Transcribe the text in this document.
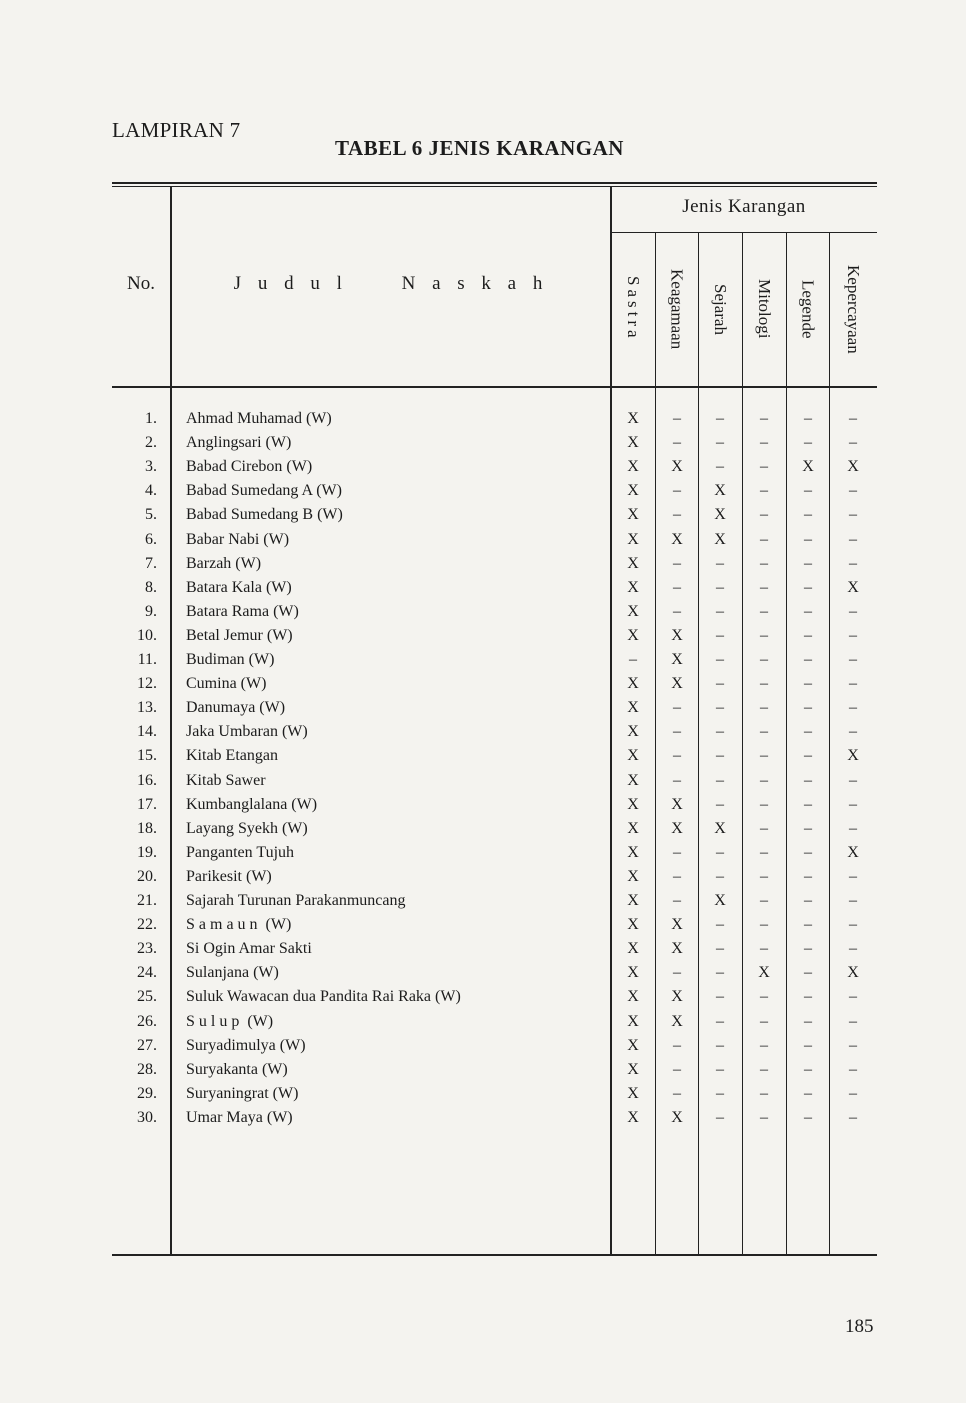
LAMPIRAN 7
TABEL 6 JENIS KARANGAN
No.	J u d u l     N a s k a h
Jenis Karangan
Sastra Keagamaan Sejarah Mitologi Legende Kepercayaan
1. Ahmad Muhamad (W)	X	–	–	–	–	–
2. Anglingsari (W)	X	–	–	–	–	–
3. Babad Cirebon (W)	X	X	–	–	X	X
4. Babad Sumedang A (W)	X	–	X	–	–	–
5. Babad Sumedang B (W)	X	–	X	–	–	–
6. Babar Nabi (W)	X	X	X	–	–	–
7. Barzah (W)	X	–	–	–	–	–
8. Batara Kala (W)	X	–	–	–	–	X
9. Batara Rama (W)	X	–	–	–	–	–
10. Betal Jemur (W)	X	X	–	–	–	–
11. Budiman (W)	–	X	–	–	–	–
12. Cumina (W)	X	X	–	–	–	–
13. Danumaya (W)	X	–	–	–	–	–
14. Jaka Umbaran (W)	X	–	–	–	–	–
15. Kitab Etangan	X	–	–	–	–	X
16. Kitab Sawer	X	–	–	–	–	–
17. Kumbanglalana (W)	X	X	–	–	–	–
18. Layang Syekh (W)	X	X	X	–	–	–
19. Panganten Tujuh	X	–	–	–	–	X
20. Parikesit (W)	X	–	–	–	–	–
21. Sajarah Turunan Parakanmuncang	X	–	X	–	–	–
22. S a m a u n  (W)	X	X	–	–	–	–
23. Si Ogin Amar Sakti	X	X	–	–	–	–
24. Sulanjana (W)	X	–	–	X	–	X
25. Suluk Wawacan dua Pandita Rai Raka (W)	X	X	–	–	–	–
26. S u l u p  (W)	X	X	–	–	–	–
27. Suryadimulya (W)	X	–	–	–	–	–
28. Suryakanta (W)	X	–	–	–	–	–
29. Suryaningrat (W)	X	–	–	–	–	–
30. Umar Maya (W)	X	X	–	–	–	–
185
